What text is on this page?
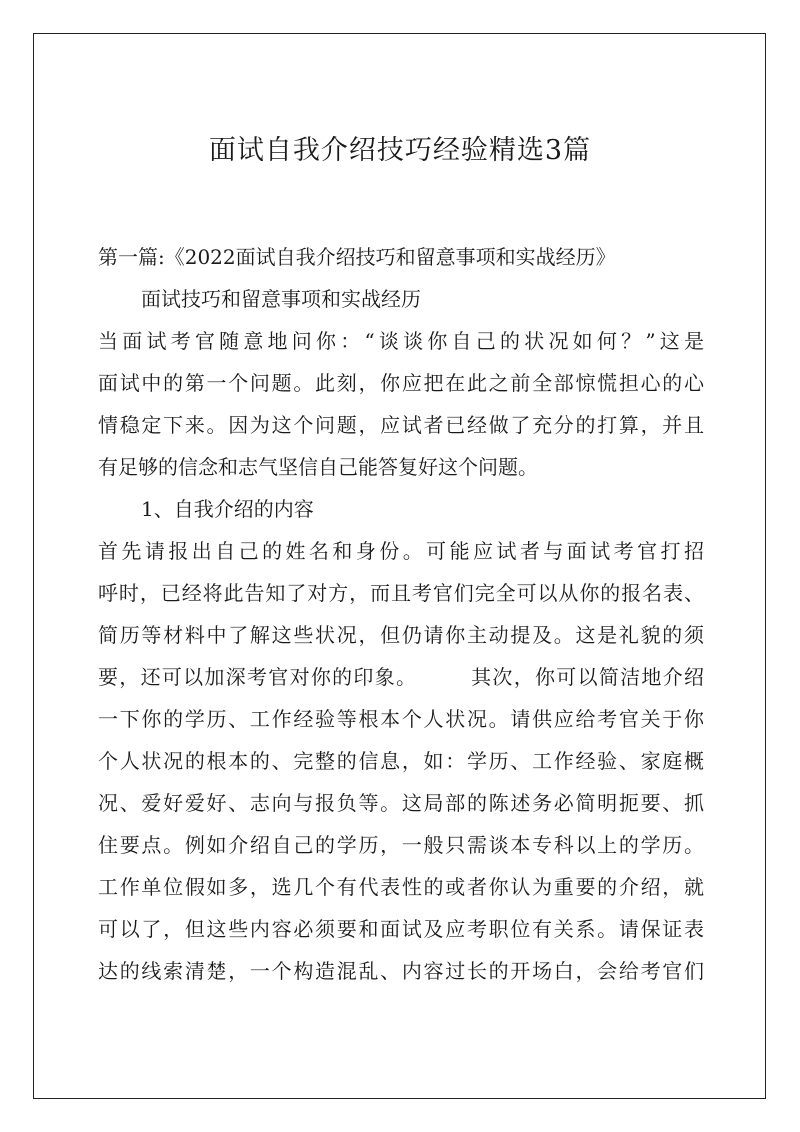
面试自我介绍技巧经验精选3篇
第一篇:《2022面试自我介绍技巧和留意事项和实战经历》
面试技巧和留意事项和实战经历
当面试考官随意地问你：“谈谈你自己的状况如何？”这是
面试中的第一个问题。此刻，你应把在此之前全部惊慌担心的心
情稳定下来。因为这个问题，应试者已经做了充分的打算，并且
有足够的信念和志气坚信自己能答复好这个问题。
1、自我介绍的内容
首先请报出自己的姓名和身份。可能应试者与面试考官打招
呼时，已经将此告知了对方，而且考官们完全可以从你的报名表、
简历等材料中了解这些状况，但仍请你主动提及。这是礼貌的须
要，还可以加深考官对你的印象。　　　其次，你可以简洁地介绍
一下你的学历、工作经验等根本个人状况。请供应给考官关于你
个人状况的根本的、完整的信息，如：学历、工作经验、家庭概
况、爱好爱好、志向与报负等。这局部的陈述务必简明扼要、抓
住要点。例如介绍自己的学历，一般只需谈本专科以上的学历。
工作单位假如多，选几个有代表性的或者你认为重要的介绍，就
可以了，但这些内容必须要和面试及应考职位有关系。请保证表
达的线索清楚，一个构造混乱、内容过长的开场白，会给考官们
